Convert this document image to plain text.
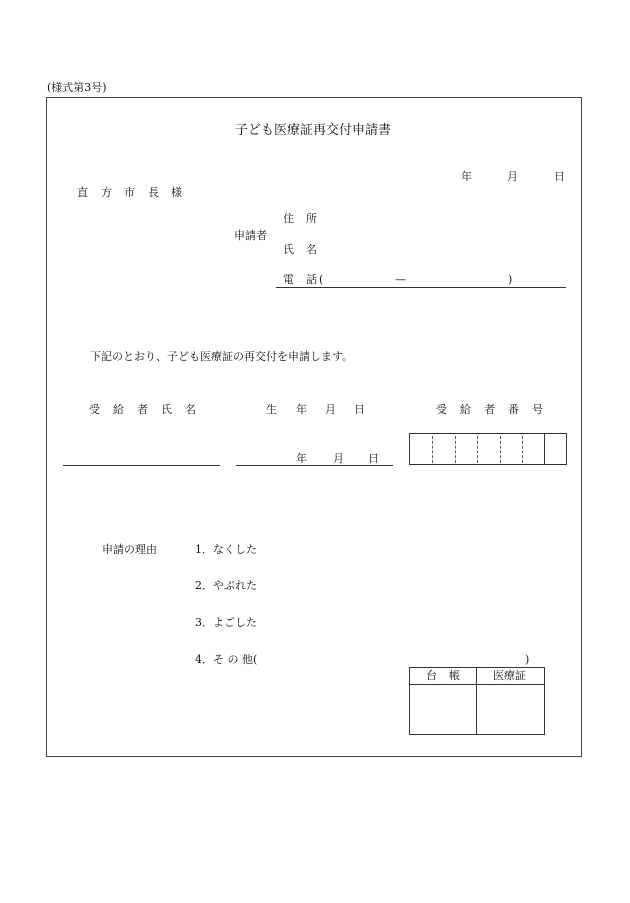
(様式第3号)
子ども医療証再交付申請書
年	月	日
直 方 市 長 様
申請者
住 所
氏 名
電 話 (	—	)
下記のとおり、子ども医療証の再交付を申請します。
受 給 者 氏 名	生 年 月 日	受 給 者 番 号
年 月 日
申請の理由	1．なくした
2．やぶれた
3．よごした
4．そ の 他(	)
台 帳	医療証
